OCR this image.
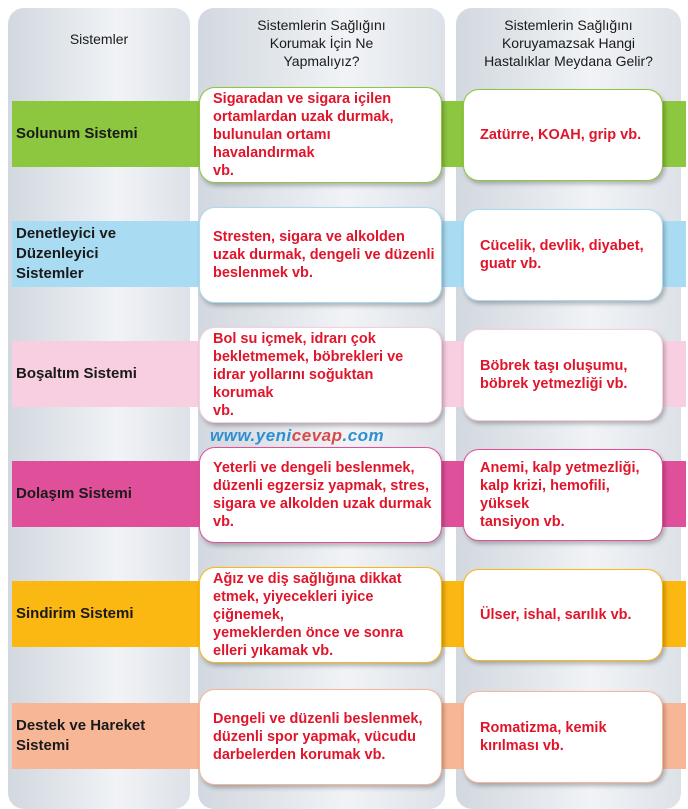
Sistemler
Sistemlerin Sağlığını
Korumak İçin Ne
Yapmalıyız?
Sistemlerin Sağlığını
Koruyamazsak Hangi
Hastalıklar Meydana Gelir?
Solunum Sistemi
Sigaradan ve sigara içilen
ortamlardan uzak durmak,
bulunulan ortamı havalandırmak
vb.
Zatürre, KOAH, grip vb.
Denetleyici ve
Düzenleyici
Sistemler
Stresten, sigara ve alkolden
uzak durmak, dengeli ve düzenli
beslenmek vb.
Cücelik, devlik, diyabet,
guatr vb.
Boşaltım Sistemi
Bol su içmek, idrarı çok
bekletmemek, böbrekleri ve
idrar yollarını soğuktan korumak
vb.
Böbrek taşı oluşumu,
böbrek yetmezliği vb.
www.yenicevap.com
Dolaşım Sistemi
Yeterli ve dengeli beslenmek,
düzenli egzersiz yapmak, stres,
sigara ve alkolden uzak durmak
vb.
Anemi, kalp yetmezliği,
kalp krizi, hemofili, yüksek
tansiyon vb.
Sindirim Sistemi
Ağız ve diş sağlığına dikkat
etmek, yiyecekleri iyice çiğnemek,
yemeklerden önce ve sonra
elleri yıkamak vb.
Ülser, ishal, sarılık vb.
Destek ve Hareket
Sistemi
Dengeli ve düzenli beslenmek,
düzenli spor yapmak, vücudu
darbelerden korumak vb.
Romatizma, kemik
kırılması vb.
